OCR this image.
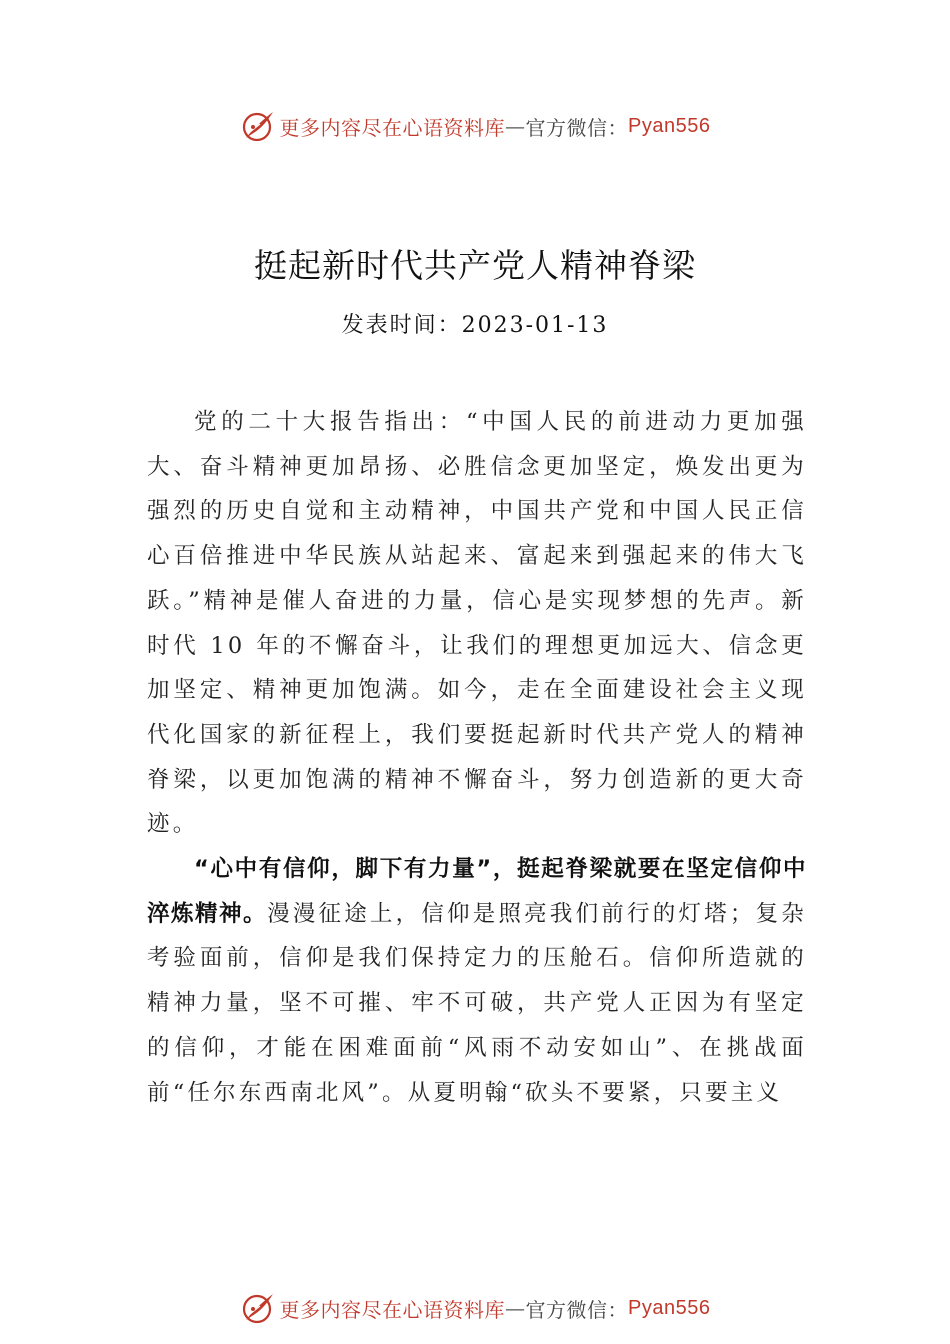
更多内容尽在心语资料库 — 官方微信： Pyan556
挺起新时代共产党人精神脊梁
发表时间：2023-01-13

党的二十大报告指出：“中国人民的前进动力更加强大、奋斗精神更加昂扬、必胜信念更加坚定，焕发出更为强烈的历史自觉和主动精神，中国共产党和中国人民正信心百倍推进中华民族从站起来、富起来到强起来的伟大飞跃。”精神是催人奋进的力量，信心是实现梦想的先声。新时代 10 年的不懈奋斗，让我们的理想更加远大、信念更加坚定、精神更加饱满。如今，走在全面建设社会主义现代化国家的新征程上，我们要挺起新时代共产党人的精神脊梁，以更加饱满的精神不懈奋斗，努力创造新的更大奇迹。

“心中有信仰，脚下有力量”，挺起脊梁就要在坚定信仰中淬炼精神。漫漫征途上，信仰是照亮我们前行的灯塔；复杂考验面前，信仰是我们保持定力的压舱石。信仰所造就的精神力量，坚不可摧、牢不可破，共产党人正因为有坚定的信仰，才能在困难面前“风雨不动安如山”、在挑战面前“任尔东西南北风”。从夏明翰“砍头不要紧，只要主义

更多内容尽在心语资料库 — 官方微信： Pyan556
